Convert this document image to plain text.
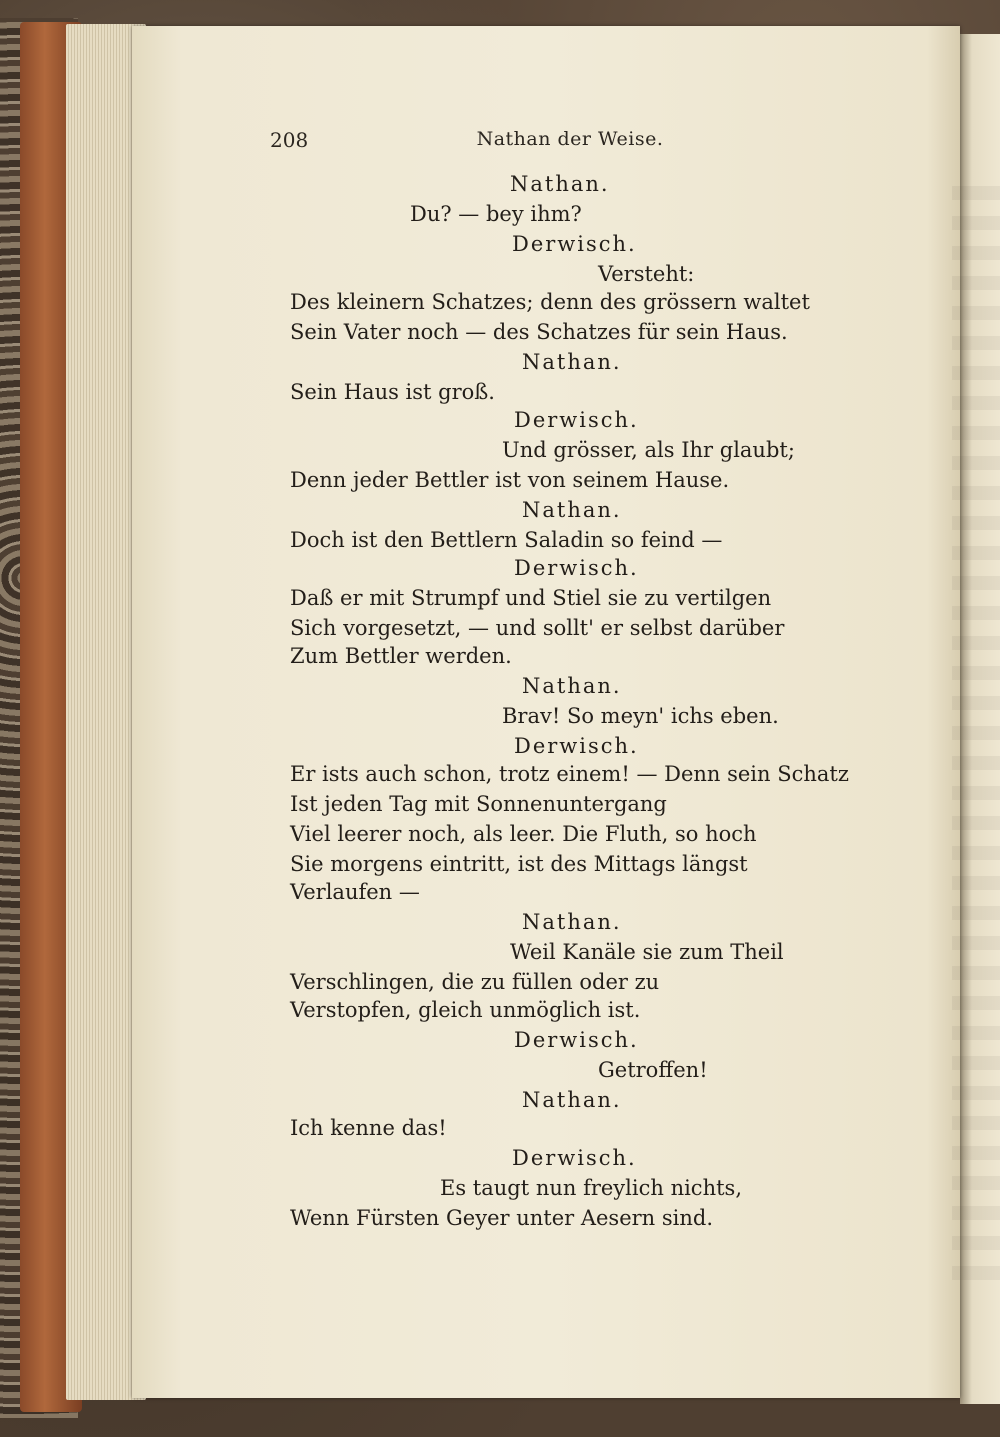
208	Nathan der Weise.
Nathan.
Du? — bey ihm?
Derwisch.
Versteht:
Des kleinern Schatzes; denn des grössern waltet
Sein Vater noch — des Schatzes für sein Haus.
Nathan.
Sein Haus ist groß.
Derwisch.
Und grösser, als Ihr glaubt;
Denn jeder Bettler ist von seinem Hause.
Nathan.
Doch ist den Bettlern Saladin so feind —
Derwisch.
Daß er mit Strumpf und Stiel sie zu vertilgen
Sich vorgesetzt, — und sollt' er selbst darüber
Zum Bettler werden.
Nathan.
Brav! So meyn' ichs eben.
Derwisch.
Er ists auch schon, trotz einem! — Denn sein Schatz
Ist jeden Tag mit Sonnenuntergang
Viel leerer noch, als leer. Die Fluth, so hoch
Sie morgens eintritt, ist des Mittags längst
Verlaufen —
Nathan.
Weil Kanäle sie zum Theil
Verschlingen, die zu füllen oder zu
Verstopfen, gleich unmöglich ist.
Derwisch.
Getroffen!
Nathan.
Ich kenne das!
Derwisch.
Es taugt nun freylich nichts,
Wenn Fürsten Geyer unter Aesern sind.
